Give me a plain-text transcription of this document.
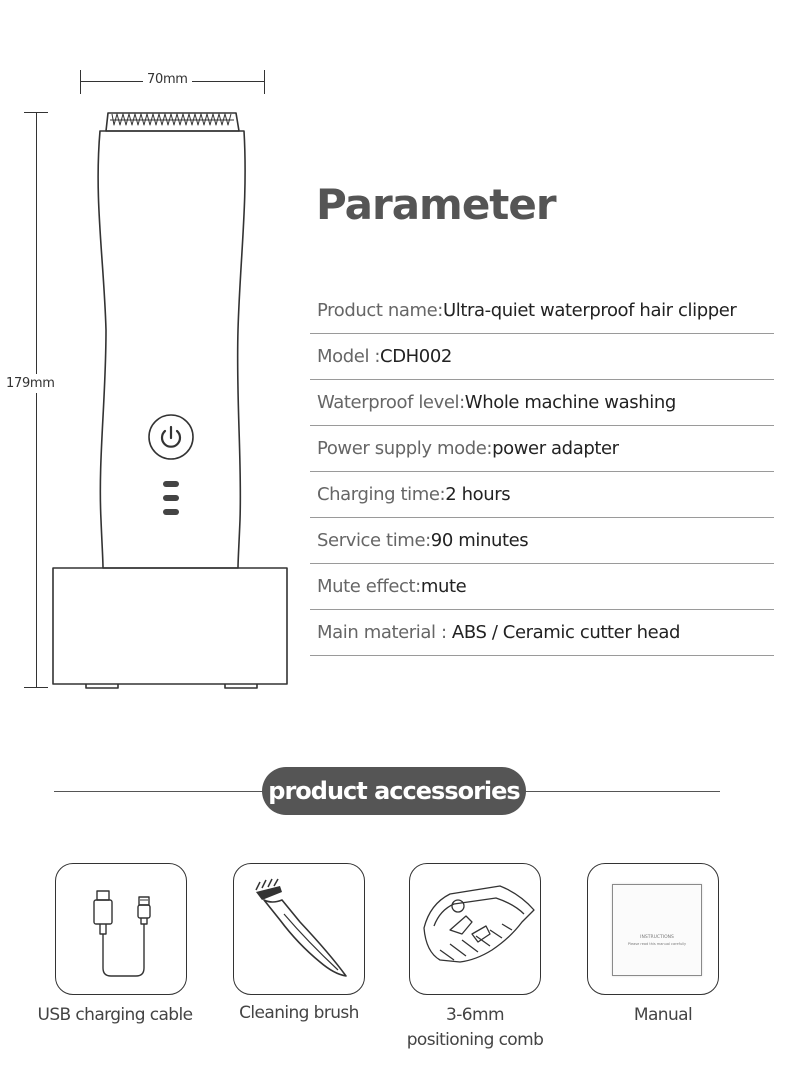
70mm
179mm
Parameter
Product name: Ultra-quiet waterproof hair clipper
Model : CDH002
Waterproof level: Whole machine washing
Power supply mode: power adapter
Charging time: 2 hours
Service time: 90 minutes
Mute effect: mute
Main material : ABS / Ceramic cutter head
product accessories
USB charging cable	Cleaning brush	3-6mm
positioning comb
INSTRUCTIONS
Please read this manual carefully
Manual
